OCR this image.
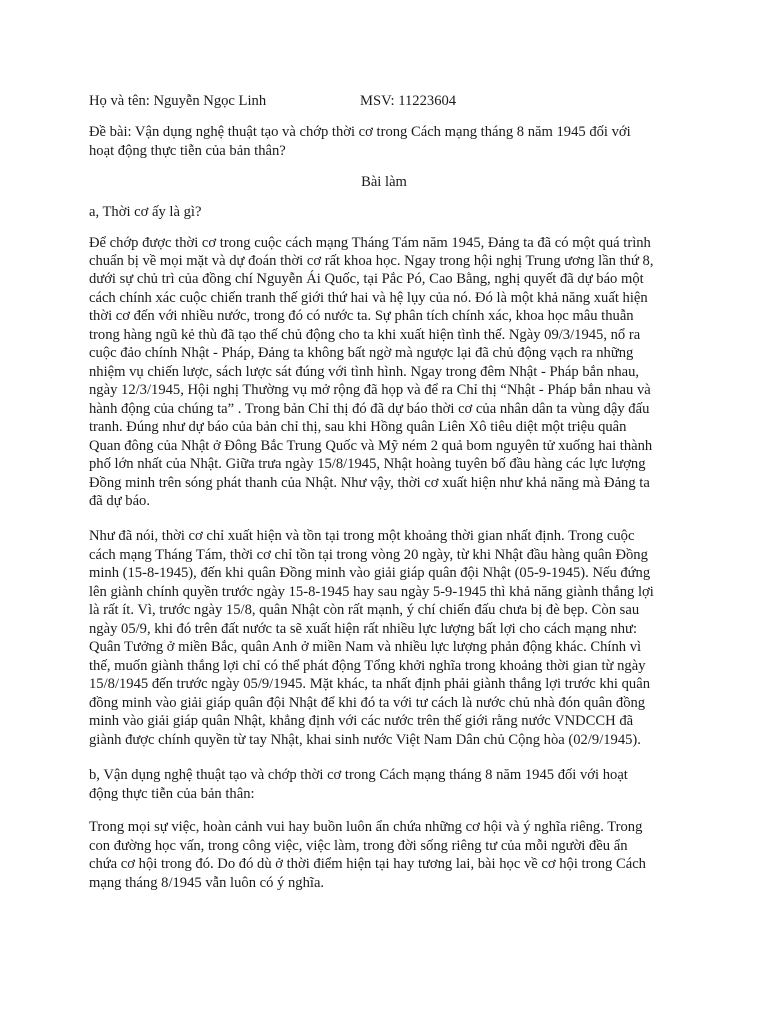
Họ và tên: Nguyễn Ngọc Linh	MSV: 11223604
Đề bài: Vận dụng nghệ thuật tạo và chớp thời cơ trong Cách mạng tháng 8 năm 1945 đối với
hoạt động thực tiễn của bản thân?
Bài làm
a, Thời cơ ấy là gì?
Để chớp được thời cơ trong cuộc cách mạng Tháng Tám năm 1945, Đảng ta đã có một quá trình
chuẩn bị về mọi mặt và dự đoán thời cơ rất khoa học. Ngay trong hội nghị Trung ương lần thứ 8,
dưới sự chủ trì của đồng chí Nguyễn Ái Quốc, tại Pắc Pó, Cao Bằng, nghị quyết đã dự báo một
cách chính xác cuộc chiến tranh thế giới thứ hai và hệ lụy của nó. Đó là một khả năng xuất hiện
thời cơ đến với nhiều nước, trong đó có nước ta. Sự phân tích chính xác, khoa học mâu thuẫn
trong hàng ngũ kẻ thù đã tạo thế chủ động cho ta khi xuất hiện tình thế. Ngày 09/3/1945, nổ ra
cuộc đảo chính Nhật - Pháp, Đảng ta không bất ngờ mà ngược lại đã chủ động vạch ra những
nhiệm vụ chiến lược, sách lược sát đúng với tình hình. Ngay trong đêm Nhật - Pháp bắn nhau,
ngày 12/3/1945, Hội nghị Thường vụ mở rộng đã họp và để ra Chỉ thị “Nhật - Pháp bắn nhau và
hành động của chúng ta” . Trong bản Chỉ thị đó đã dự báo thời cơ của nhân dân ta vùng dậy đấu
tranh. Đúng như dự báo của bản chỉ thị, sau khi Hồng quân Liên Xô tiêu diệt một triệu quân
Quan đông của Nhật ở Đông Bắc Trung Quốc và Mỹ ném 2 quả bom nguyên tử xuống hai thành
phố lớn nhất của Nhật. Giữa trưa ngày 15/8/1945, Nhật hoàng tuyên bố đầu hàng các lực lượng
Đồng minh trên sóng phát thanh của Nhật. Như vậy, thời cơ xuất hiện như khả năng mà Đảng ta
đã dự báo.
Như đã nói, thời cơ chỉ xuất hiện và tồn tại trong một khoảng thời gian nhất định. Trong cuộc
cách mạng Tháng Tám, thời cơ chỉ tồn tại trong vòng 20 ngày, từ khi Nhật đầu hàng quân Đồng
minh (15-8-1945), đến khi quân Đồng minh vào giải giáp quân đội Nhật (05-9-1945). Nếu đứng
lên giành chính quyền trước ngày 15-8-1945 hay sau ngày 5-9-1945 thì khả năng giành thắng lợi
là rất ít. Vì, trước ngày 15/8, quân Nhật còn rất mạnh, ý chí chiến đấu chưa bị đè bẹp. Còn sau
ngày 05/9, khi đó trên đất nước ta sẽ xuất hiện rất nhiều lực lượng bất lợi cho cách mạng như:
Quân Tưởng ở miền Bắc, quân Anh ở miền Nam và nhiều lực lượng phản động khác. Chính vì
thế, muốn giành thắng lợi chỉ có thể phát động Tổng khởi nghĩa trong khoảng thời gian từ ngày
15/8/1945 đến trước ngày 05/9/1945. Mặt khác, ta nhất định phải giành thắng lợi trước khi quân
đồng minh vào giải giáp quân đội Nhật để khi đó ta với tư cách là nước chủ nhà đón quân đồng
minh vào giải giáp quân Nhật, khẳng định với các nước trên thế giới rằng nước VNDCCH đã
giành được chính quyền từ tay Nhật, khai sinh nước Việt Nam Dân chủ Cộng hòa (02/9/1945).
b, Vận dụng nghệ thuật tạo và chớp thời cơ trong Cách mạng tháng 8 năm 1945 đối với hoạt
động thực tiễn của bản thân:
Trong mọi sự việc, hoàn cảnh vui hay buồn luôn ẩn chứa những cơ hội và ý nghĩa riêng. Trong
con đường học vấn, trong công việc, việc làm, trong đời sống riêng tư của mỗi người đều ẩn
chứa cơ hội trong đó. Do đó dù ở thời điểm hiện tại hay tương lai, bài học về cơ hội trong Cách
mạng tháng 8/1945 vẫn luôn có ý nghĩa.
